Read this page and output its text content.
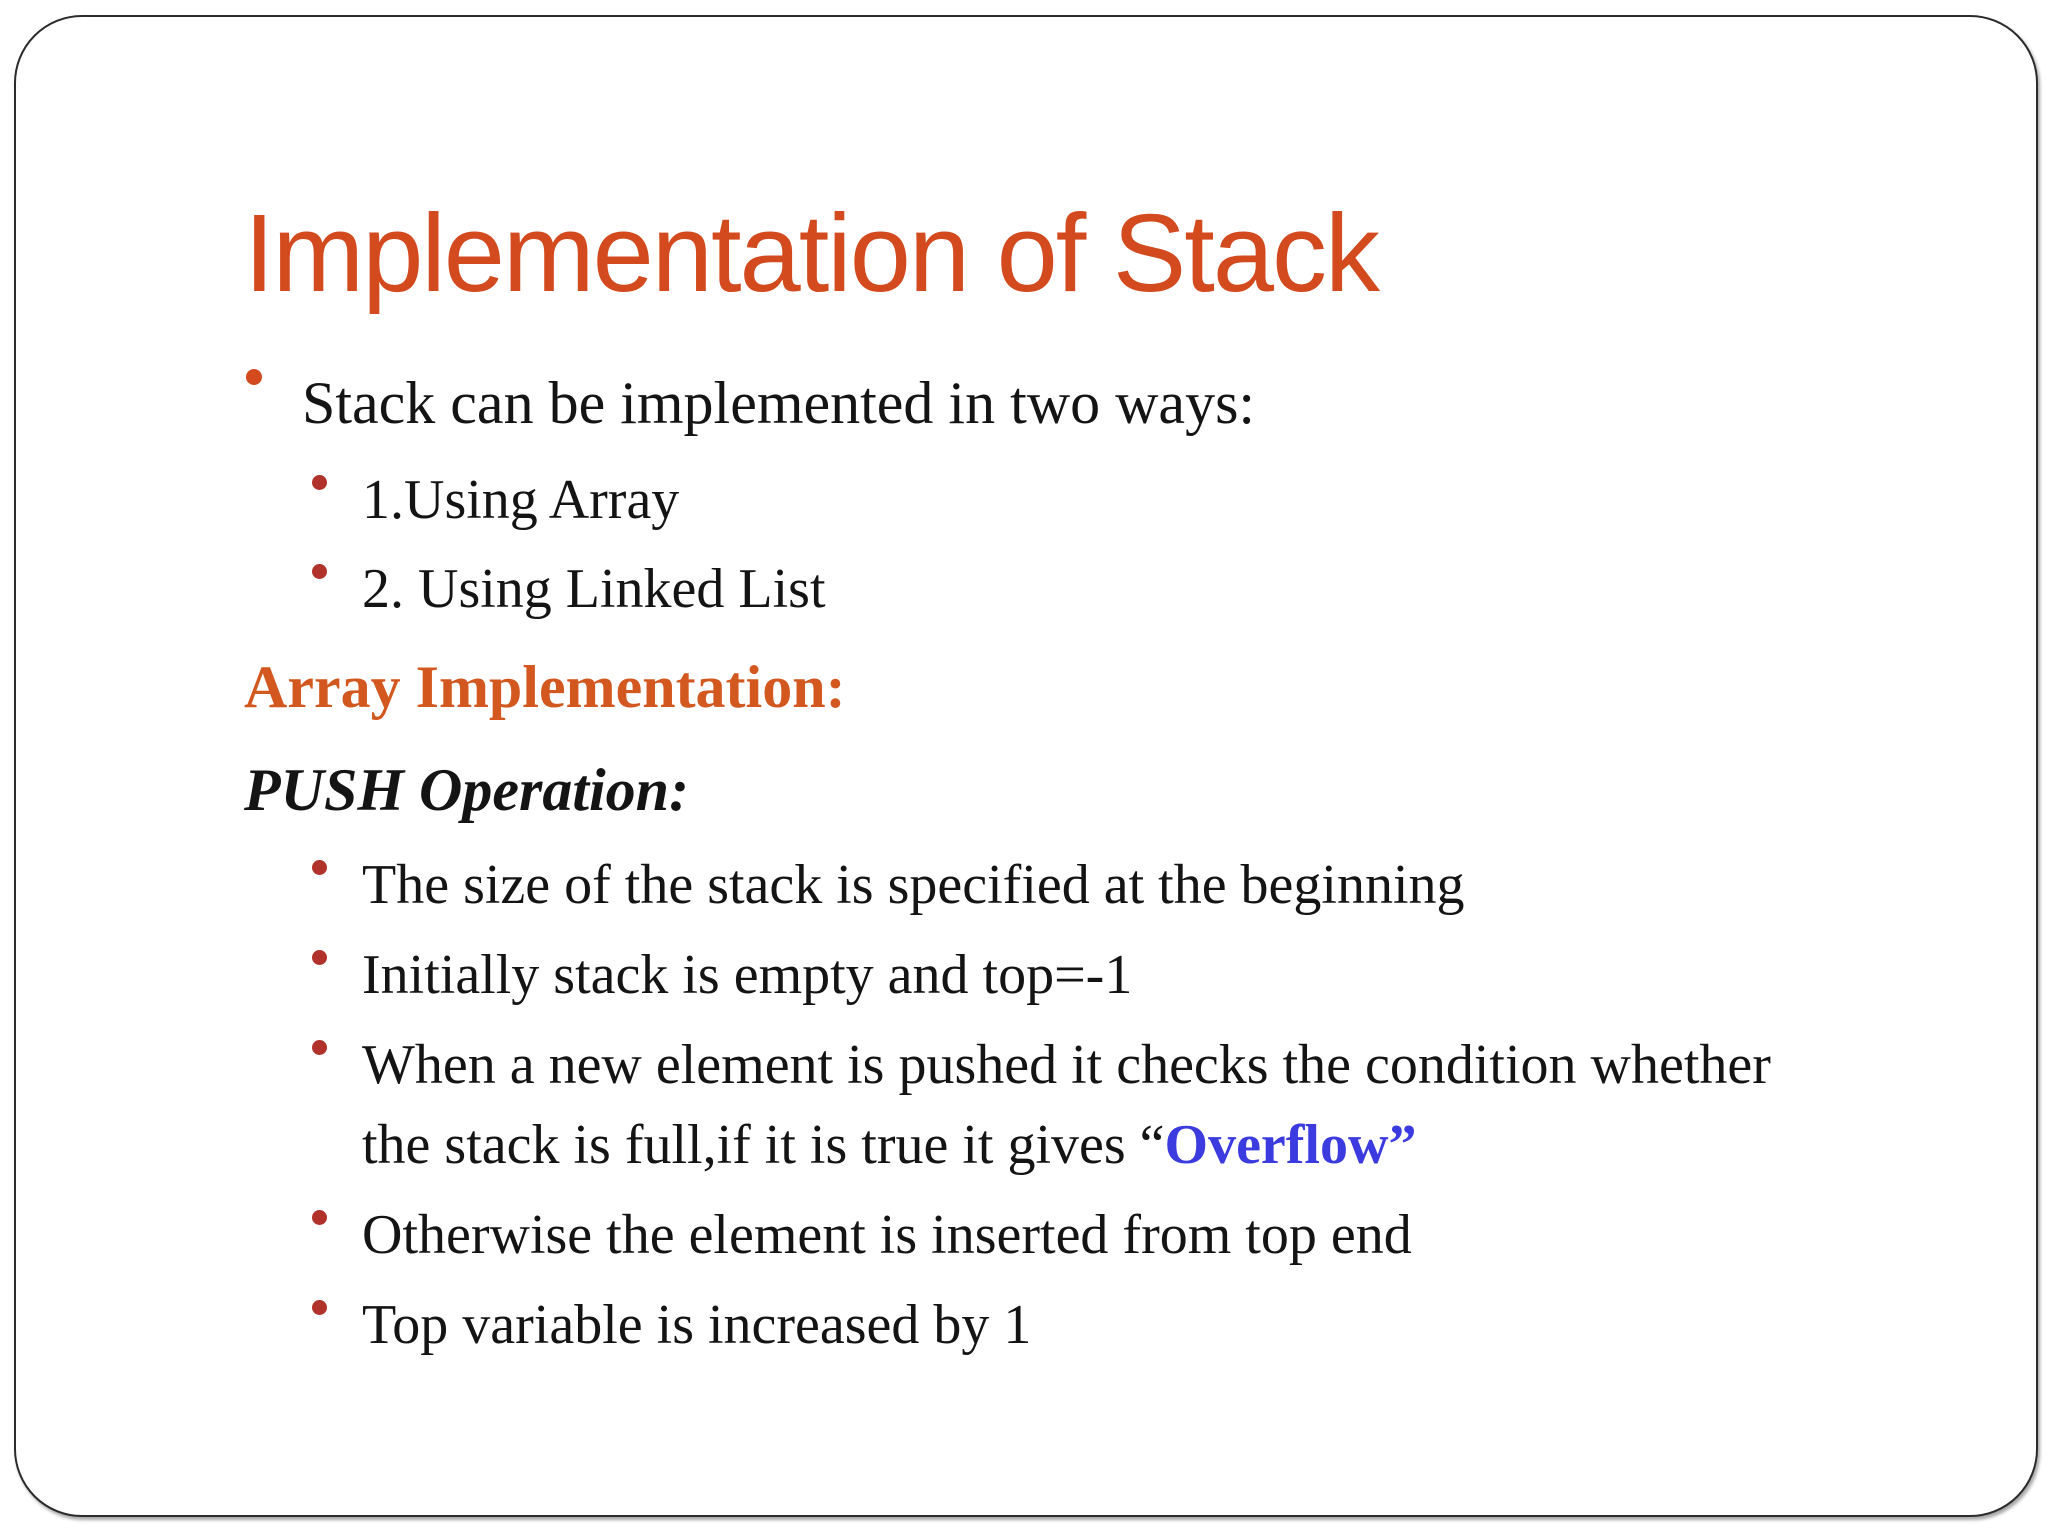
Implementation of Stack

Stack can be implemented in two ways:

1.Using Array

2. Using Linked List

Array Implementation:

PUSH Operation:

The size of the stack is specified at the beginning

Initially stack is empty and top=-1

When a new element is pushed it checks the condition whether

the stack is full,if it is true it gives “Overflow”

Otherwise the element is inserted from top end

Top variable is increased by 1
